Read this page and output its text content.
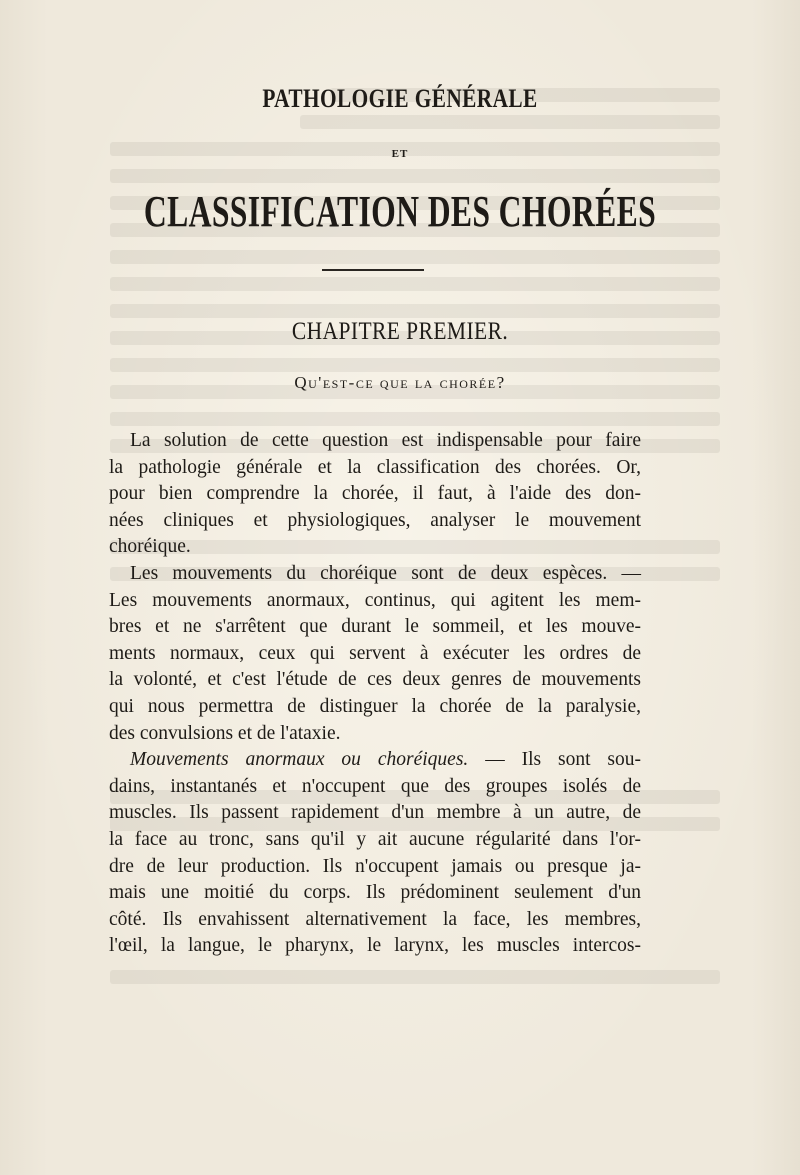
PATHOLOGIE GÉNÉRALE
ET
CLASSIFICATION DES CHORÉES
CHAPITRE PREMIER.
Qu'est-ce que la chorée?
La solution de cette question est indispensable pour faire
la pathologie générale et la classification des chorées. Or,
pour bien comprendre la chorée, il faut, à l'aide des don-
nées cliniques et physiologiques, analyser le mouvement
choréique.
Les mouvements du choréique sont de deux espèces. —
Les mouvements anormaux, continus, qui agitent les mem-
bres et ne s'arrêtent que durant le sommeil, et les mouve-
ments normaux, ceux qui servent à exécuter les ordres de
la volonté, et c'est l'étude de ces deux genres de mouvements
qui nous permettra de distinguer la chorée de la paralysie,
des convulsions et de l'ataxie.
Mouvements anormaux ou choréiques. — Ils sont sou-
dains, instantanés et n'occupent que des groupes isolés de
muscles. Ils passent rapidement d'un membre à un autre, de
la face au tronc, sans qu'il y ait aucune régularité dans l'or-
dre de leur production. Ils n'occupent jamais ou presque ja-
mais une moitié du corps. Ils prédominent seulement d'un
côté. Ils envahissent alternativement la face, les membres,
l'œil, la langue, le pharynx, le larynx, les muscles intercos-
